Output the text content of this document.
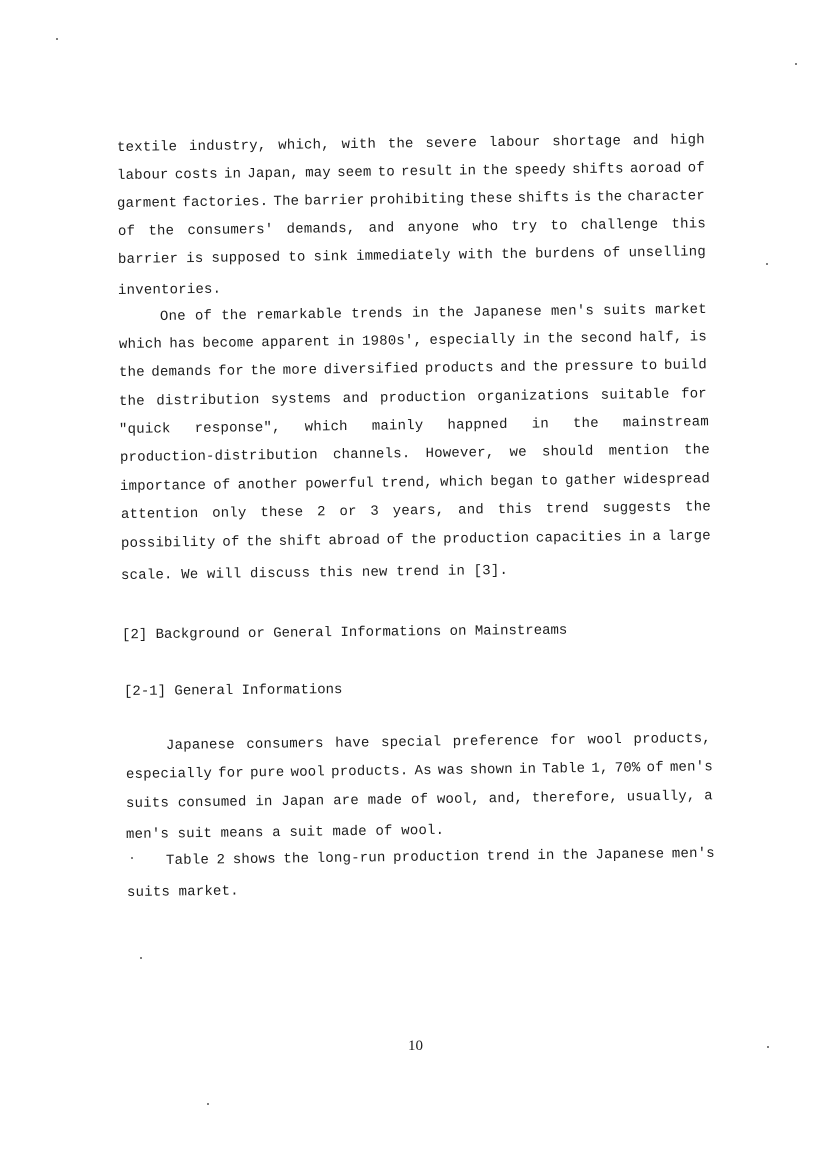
textile industry, which, with the severe labour shortage and high
labour costs in Japan, may seem to result in the speedy shifts aoroad of
garment factories. The barrier prohibiting these shifts is the character
of the consumers' demands, and anyone who try to challenge this
barrier is supposed to sink immediately with the burdens of unselling
inventories.
One of the remarkable trends in the Japanese men's suits market
which has become apparent in 1980s', especially in the second half, is
the demands for the more diversified products and the pressure to build
the distribution systems and production organizations suitable for
"quick response", which mainly happned in the mainstream
production-distribution channels. However, we should mention the
importance of another powerful trend, which began to gather widespread
attention only these 2 or 3 years, and this trend suggests the
possibility of the shift abroad of the production capacities in a large
scale. We will discuss this new trend in [3].
[2] Background or General Informations on Mainstreams
[2-1] General Informations
Japanese consumers have special preference for wool products,
especially for pure wool products. As was shown in Table 1, 70% of men's
suits consumed in Japan are made of wool, and, therefore, usually, a
men's suit means a suit made of wool.
Table 2 shows the long-run production trend in the Japanese men's
suits market.
10
